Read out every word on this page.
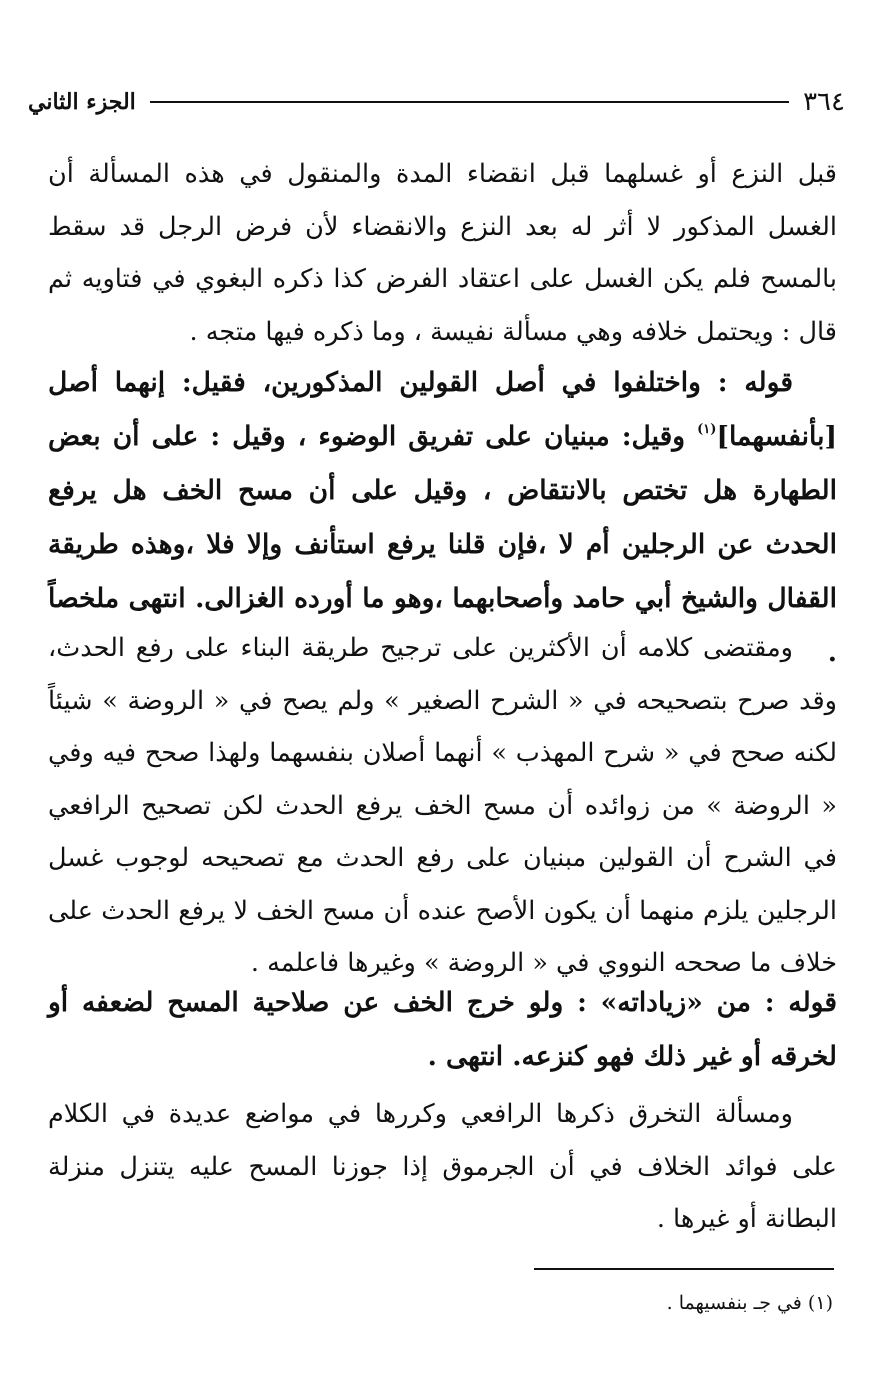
٣٦٤
الجزء الثاني
قبل النزع أو غسلهما قبل انقضاء المدة والمنقول في هذه المسألة أن الغسل المذكور لا أثر له بعد النزع والانقضاء لأن فرض الرجل قد سقط بالمسح فلم يكن الغسل على اعتقاد الفرض كذا ذكره البغوي في فتاويه ثم قال : ويحتمل خلافه وهي مسألة نفيسة ، وما ذكره فيها متجه .
قوله : واختلفوا في أصل القولين المذكورين، فقيل: إنهما أصل [بأنفسهما]$^{(١)}$ وقيل: مبنيان على تفريق الوضوء ، وقيل : على أن بعض الطهارة هل تختص بالانتقاض ، وقيل على أن مسح الخف هل يرفع الحدث عن الرجلين أم لا ،فإن قلنا يرفع استأنف وإلا فلا ،وهذه طريقة القفال والشيخ أبي حامد وأصحابهما ،وهو ما أورده الغزالى. انتهى ملخصاً .
ومقتضى كلامه أن الأكثرين على ترجيح طريقة البناء على رفع الحدث، وقد صرح بتصحيحه في « الشرح الصغير » ولم يصح في « الروضة » شيئاً لكنه صحح في « شرح المهذب » أنهما أصلان بنفسهما ولهذا صحح فيه وفي « الروضة » من زوائده أن مسح الخف يرفع الحدث لكن تصحيح الرافعي في الشرح أن القولين مبنيان على رفع الحدث مع تصحيحه لوجوب غسل الرجلين يلزم منهما أن يكون الأصح عنده أن مسح الخف لا يرفع الحدث على خلاف ما صححه النووي في « الروضة » وغيرها فاعلمه .
قوله : من «زياداته» : ولو خرج الخف عن صلاحية المسح لضعفه أو لخرقه أو غير ذلك فهو كنزعه. انتهى .
ومسألة التخرق ذكرها الرافعي وكررها في مواضع عديدة في الكلام على فوائد الخلاف في أن الجرموق إذا جوزنا المسح عليه يتنزل منزلة البطانة أو غيرها .
(١) في جـ بنفسيهما .
